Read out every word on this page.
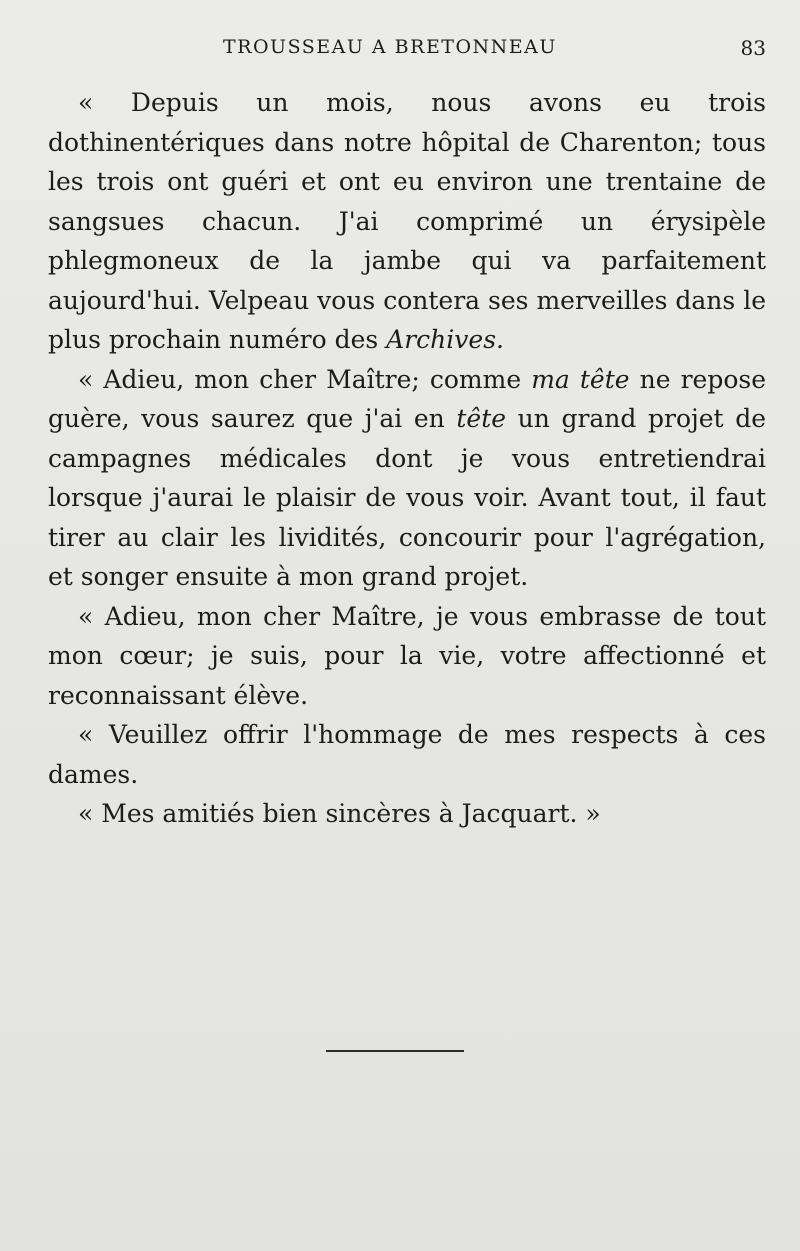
TROUSSEAU A BRETONNEAU	83

« Depuis un mois, nous avons eu trois dothinentériques dans notre hôpital de Charenton; tous les trois ont guéri et ont eu environ une trentaine de sangsues chacun. J'ai comprimé un érysipèle phlegmoneux de la jambe qui va parfaitement aujourd'hui. Velpeau vous contera ses merveilles dans le plus prochain numéro des Archives.

« Adieu, mon cher Maître; comme ma tête ne repose guère, vous saurez que j'ai en tête un grand projet de campagnes médicales dont je vous entretiendrai lorsque j'aurai le plaisir de vous voir. Avant tout, il faut tirer au clair les lividités, concourir pour l'agrégation, et songer ensuite à mon grand projet.

« Adieu, mon cher Maître, je vous embrasse de tout mon cœur; je suis, pour la vie, votre affectionné et reconnaissant élève.

« Veuillez offrir l'hommage de mes respects à ces dames.

« Mes amitiés bien sincères à Jacquart. »
